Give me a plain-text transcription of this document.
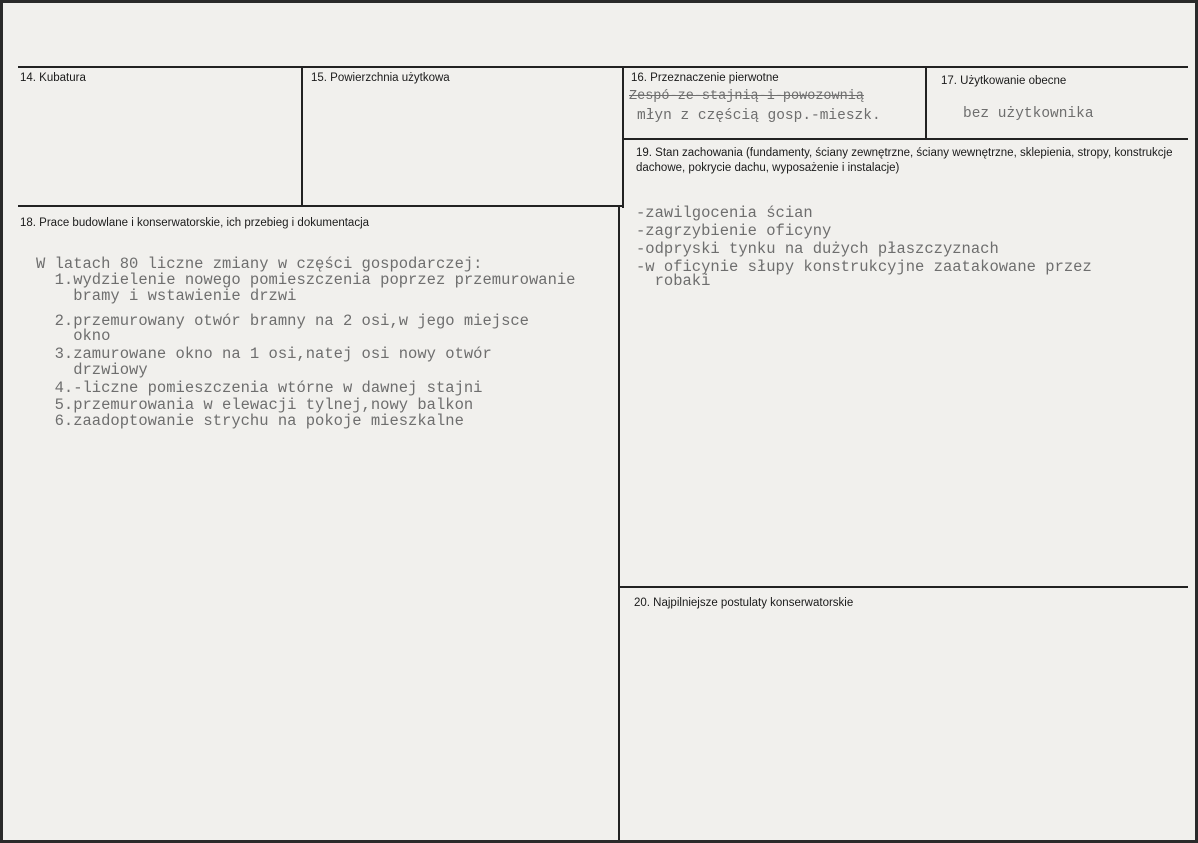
14. Kubatura	15. Powierzchnia użytkowa	16. Przeznaczenie pierwotne
Zespó-ze-stajnią-i-powozownią
młyn z częścią gosp.-mieszk.
17. Użytkowanie obecne
bez użytkownika
18. Prace budowlane i konserwatorskie, ich przebieg i dokumentacja
W latach 80 liczne zmiany w części gospodarczej:
1.wydzielenie nowego pomieszczenia poprzez przemurowanie
bramy i wstawienie drzwi
2.przemurowany otwór bramny na 2 osi,w jego miejsce
okno
3.zamurowane okno na 1 osi,natej osi nowy otwór
drzwiowy
4.-liczne pomieszczenia wtórne w dawnej stajni
5.przemurowania w elewacji tylnej,nowy balkon
6.zaadoptowanie strychu na pokoje mieszkalne
19. Stan zachowania (fundamenty, ściany zewnętrzne, ściany wewnętrzne, sklepienia, stropy, konstrukcje dachowe, pokrycie dachu, wyposażenie i instalacje)
-zawilgocenia ścian
-zagrzybienie oficyny
-odpryski tynku na dużych płaszczyznach
-w oficynie słupy konstrukcyjne zaatakowane przez
robaki
20. Najpilniejsze postulaty konserwatorskie
